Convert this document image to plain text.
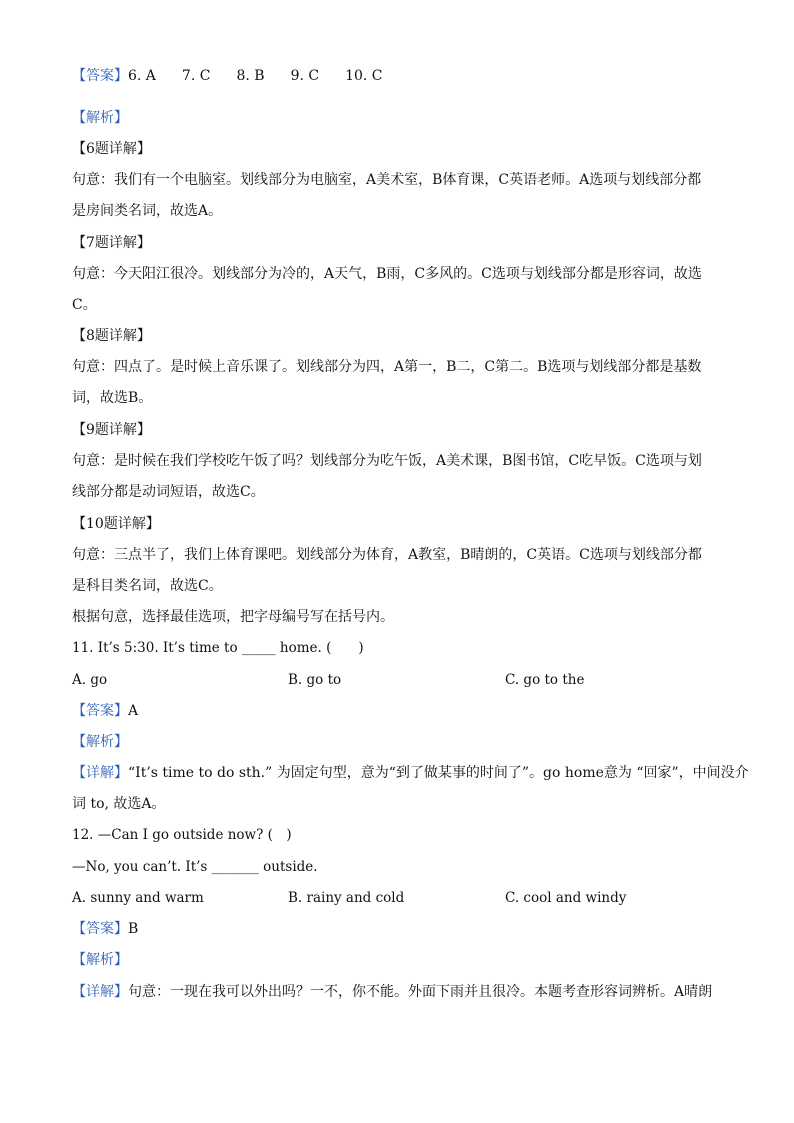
【答案】6. A 7. C 8. B 9. C 10. C
【解析】
【6题详解】
句意：我们有一个电脑室。划线部分为电脑室，A美术室，B体育课，C英语老师。A选项与划线部分都
是房间类名词，故选A。
【7题详解】
句意：今天阳江很冷。划线部分为冷的，A天气，B雨，C多风的。C选项与划线部分都是形容词，故选
C。
【8题详解】
句意：四点了。是时候上音乐课了。划线部分为四，A第一，B二，C第二。B选项与划线部分都是基数
词，故选B。
【9题详解】
句意：是时候在我们学校吃午饭了吗？划线部分为吃午饭，A美术课，B图书馆，C吃早饭。C选项与划
线部分都是动词短语，故选C。
【10题详解】
句意：三点半了，我们上体育课吧。划线部分为体育，A教室，B晴朗的，C英语。C选项与划线部分都
是科目类名词，故选C。
根据句意，选择最佳选项，把字母编号写在括号内。
11. It’s 5:30. It’s time to _____ home. (　　)
A. go	B. go to	C. go to the
【答案】A
【解析】
【详解】“It’s time to do sth.” 为固定句型，意为“到了做某事的时间了”。go home意为 “回家”，中间没介
词 to, 故选A。
12. —Can I go outside now? (　)
—No, you can’t. It’s _______ outside.
A. sunny and warm	B. rainy and cold	C. cool and windy
【答案】B
【解析】
【详解】句意：一现在我可以外出吗？一不，你不能。外面下雨并且很冷。本题考查形容词辨析。A晴朗
